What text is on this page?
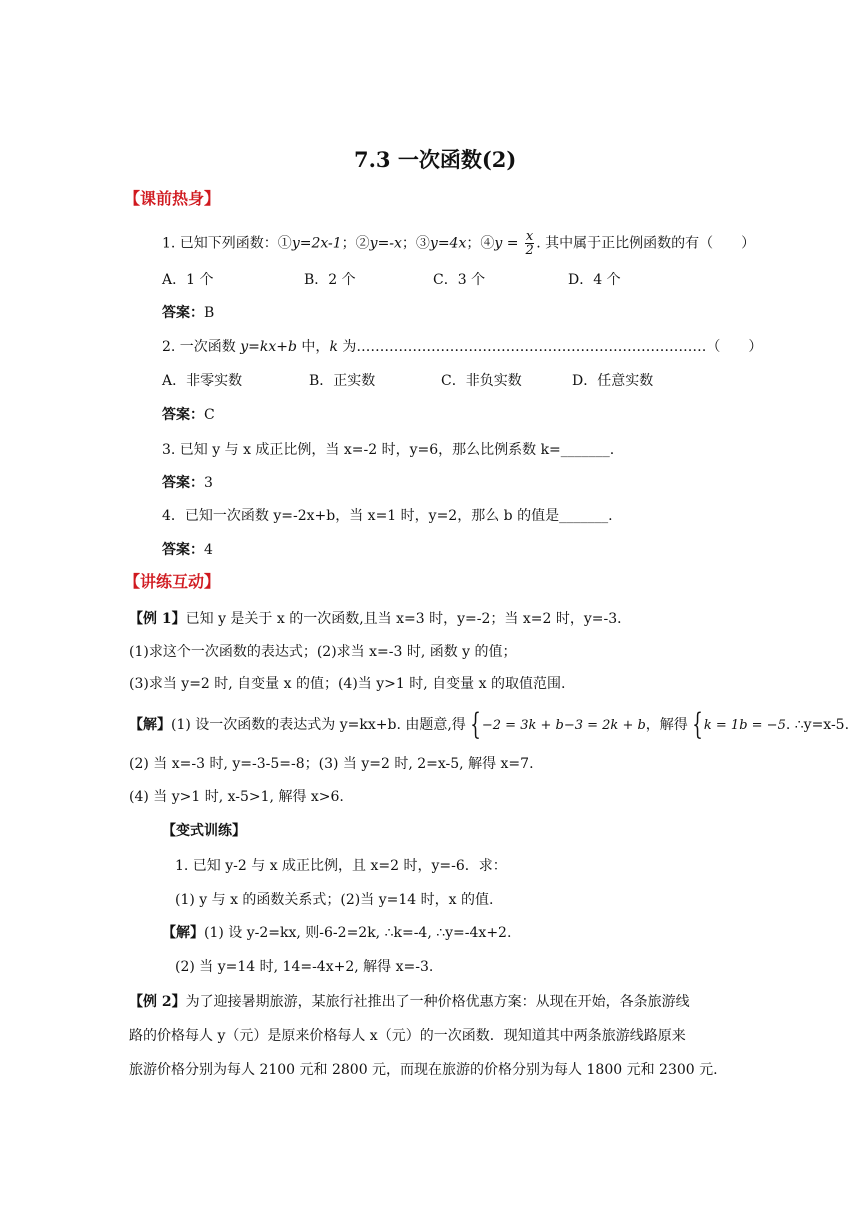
7.3 一次函数(2)
【课前热身】
1. 已知下列函数：①y=2x-1；②y=-x；③y=4x；④y = $\frac{x}{2}$ . 其中属于正比例函数的有（　　）
A．1 个	B．2 个	C．3 个	D．4 个
答案：B
2. 一次函数 y=kx+b 中，k 为…………………………………………………………………（　　）
A．非零实数	B．正实数	C．非负实数	D．任意实数
答案：C
3. 已知 y 与 x 成正比例，当 x=-2 时，y=6，那么比例系数 k=_______.
答案：3
4．已知一次函数 y=-2x+b，当 x=1 时，y=2，那么 b 的值是_______.
答案：4
【讲练互动】
【例 1】已知 y 是关于 x 的一次函数,且当 x=3 时，y=-2；当 x=2 时，y=-3．
(1)求这个一次函数的表达式；(2)求当 x=-3 时, 函数 y 的值；
(3)求当 y=2 时, 自变量 x 的值；(4)当 y>1 时, 自变量 x 的取值范围.
【解】(1) 设一次函数的表达式为 y=kx+b. 由题意,得 {−2 = 3k + b−3 = 2k + b，解得 {k = 1b = −5. ∴y=x-5.
(2) 当 x=-3 时, y=-3-5=-8；(3) 当 y=2 时, 2=x-5, 解得 x=7.
(4) 当 y>1 时, x-5>1, 解得 x>6.
【变式训练】
1. 已知 y-2 与 x 成正比例，且 x=2 时，y=-6．求：
(1) y 与 x 的函数关系式；(2)当 y=14 时，x 的值.
【解】(1) 设 y-2=kx, 则-6-2=2k, ∴k=-4, ∴y=-4x+2.
(2) 当 y=14 时, 14=-4x+2, 解得 x=-3.
【例 2】为了迎接暑期旅游，某旅行社推出了一种价格优惠方案：从现在开始，各条旅游线
路的价格每人 y（元）是原来价格每人 x（元）的一次函数．现知道其中两条旅游线路原来
旅游价格分别为每人 2100 元和 2800 元，而现在旅游的价格分别为每人 1800 元和 2300 元.
